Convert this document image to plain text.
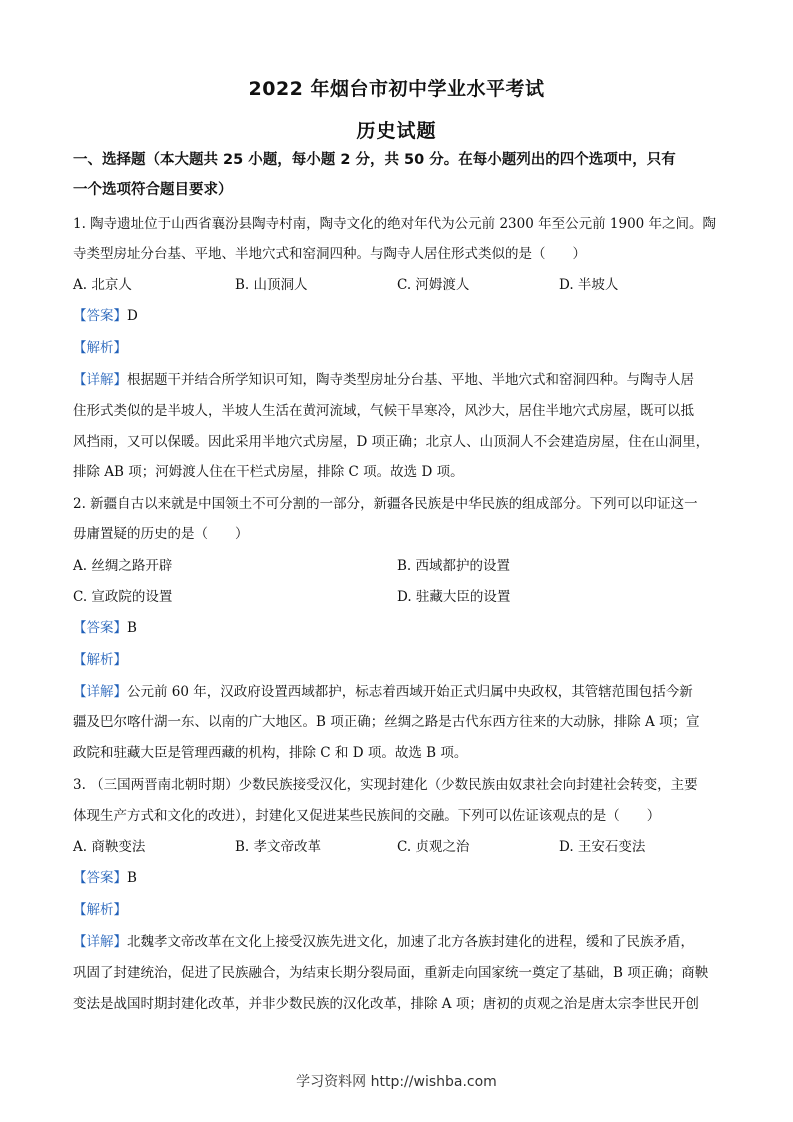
2022 年烟台市初中学业水平考试
历史试题
一、选择题（本大题共 25 小题，每小题 2 分，共 50 分。在每小题列出的四个选项中，只有
一个选项符合题目要求）
1. 陶寺遗址位于山西省襄汾县陶寺村南，陶寺文化的绝对年代为公元前 2300 年至公元前 1900 年之间。陶
寺类型房址分台基、平地、半地穴式和窑洞四种。与陶寺人居住形式类似的是（　　）
A. 北京人	B. 山顶洞人	C. 河姆渡人	D. 半坡人
【答案】D
【解析】
【详解】根据题干并结合所学知识可知，陶寺类型房址分台基、平地、半地穴式和窑洞四种。与陶寺人居
住形式类似的是半坡人，半坡人生活在黄河流域，气候干旱寒冷，风沙大，居住半地穴式房屋，既可以抵
风挡雨，又可以保暖。因此采用半地穴式房屋，D 项正确；北京人、山顶洞人不会建造房屋，住在山洞里，
排除 AB 项；河姆渡人住在干栏式房屋，排除 C 项。故选 D 项。
2. 新疆自古以来就是中国领土不可分割的一部分，新疆各民族是中华民族的组成部分。下列可以印证这一
毋庸置疑的历史的是（　　）
A. 丝绸之路开辟	B. 西域都护的设置
C. 宣政院的设置	D. 驻藏大臣的设置
【答案】B
【解析】
【详解】公元前 60 年，汉政府设置西域都护，标志着西域开始正式归属中央政权，其管辖范围包括今新
疆及巴尔喀什湖一东、以南的广大地区。B 项正确；丝绸之路是古代东西方往来的大动脉，排除 A 项；宣
政院和驻藏大臣是管理西藏的机构，排除 C 和 D 项。故选 B 项。
3. （三国两晋南北朝时期）少数民族接受汉化，实现封建化（少数民族由奴隶社会向封建社会转变，主要
体现生产方式和文化的改进），封建化又促进某些民族间的交融。下列可以佐证该观点的是（　　）
A. 商鞅变法	B. 孝文帝改革	C. 贞观之治	D. 王安石变法
【答案】B
【解析】
【详解】北魏孝文帝改革在文化上接受汉族先进文化，加速了北方各族封建化的进程，缓和了民族矛盾，
巩固了封建统治，促进了民族融合，为结束长期分裂局面，重新走向国家统一奠定了基础，B 项正确；商鞅
变法是战国时期封建化改革，并非少数民族的汉化改革，排除 A 项；唐初的贞观之治是唐太宗李世民开创
学习资料网 http://wishba.com
